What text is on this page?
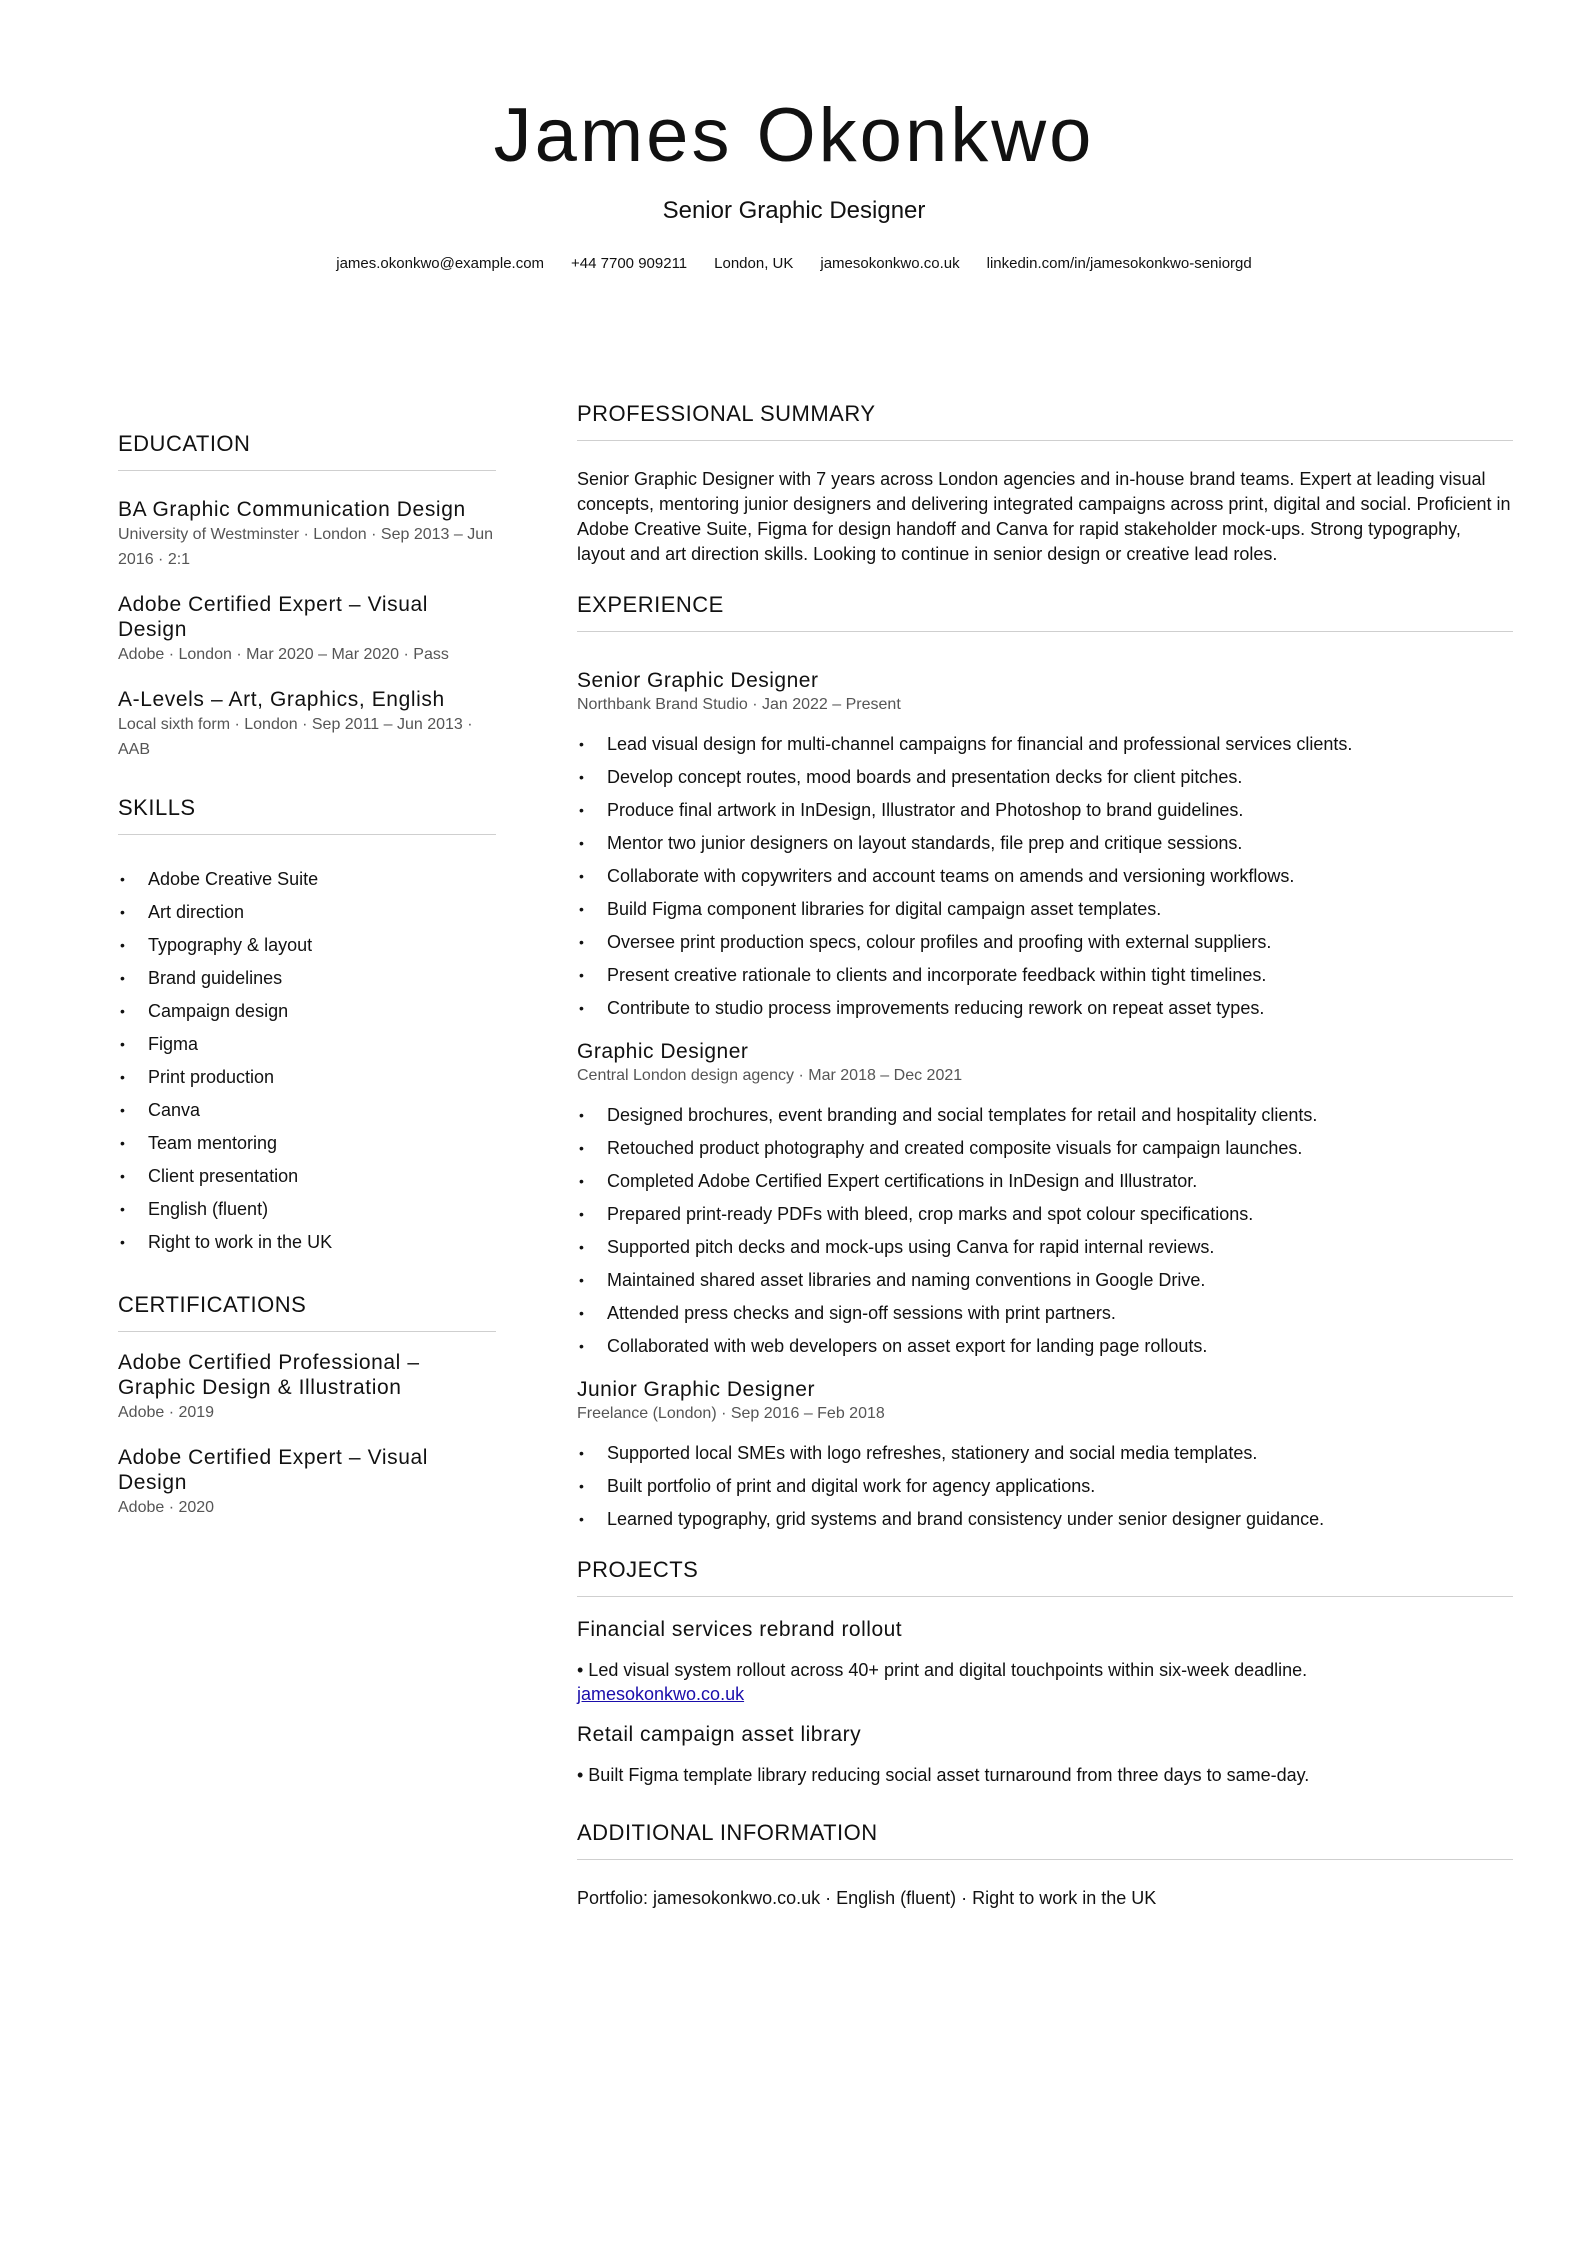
James Okonkwo
Senior Graphic Designer
james.okonkwo@example.com +44 7700 909211 London, UK jamesokonkwo.co.uk linkedin.com/in/jamesokonkwo-seniorgd
EDUCATION
BA Graphic Communication Design
University of Westminster · London · Sep 2013 – Jun 2016 · 2:1
Adobe Certified Expert – Visual Design
Adobe · London · Mar 2020 – Mar 2020 · Pass
A-Levels – Art, Graphics, English
Local sixth form · London · Sep 2011 – Jun 2013 · AAB
SKILLS
• Adobe Creative Suite
• Art direction
• Typography & layout
• Brand guidelines
• Campaign design
• Figma
• Print production
• Canva
• Team mentoring
• Client presentation
• English (fluent)
• Right to work in the UK
CERTIFICATIONS
Adobe Certified Professional – Graphic Design & Illustration
Adobe · 2019
Adobe Certified Expert – Visual Design
Adobe · 2020
PROFESSIONAL SUMMARY

Senior Graphic Designer with 7 years across London agencies and in-house brand teams. Expert at leading visual concepts, mentoring junior designers and delivering integrated campaigns across print, digital and social. Proficient in Adobe Creative Suite, Figma for design handoff and Canva for rapid stakeholder mock-ups. Strong typography, layout and art direction skills. Looking to continue in senior design or creative lead roles.

EXPERIENCE
Senior Graphic Designer
Northbank Brand Studio · Jan 2022 – Present
• Lead visual design for multi-channel campaigns for financial and professional services clients.
• Develop concept routes, mood boards and presentation decks for client pitches.
• Produce final artwork in InDesign, Illustrator and Photoshop to brand guidelines.
• Mentor two junior designers on layout standards, file prep and critique sessions.
• Collaborate with copywriters and account teams on amends and versioning workflows.
• Build Figma component libraries for digital campaign asset templates.
• Oversee print production specs, colour profiles and proofing with external suppliers.
• Present creative rationale to clients and incorporate feedback within tight timelines.
• Contribute to studio process improvements reducing rework on repeat asset types.
Graphic Designer
Central London design agency · Mar 2018 – Dec 2021
• Designed brochures, event branding and social templates for retail and hospitality clients.
• Retouched product photography and created composite visuals for campaign launches.
• Completed Adobe Certified Expert certifications in InDesign and Illustrator.
• Prepared print-ready PDFs with bleed, crop marks and spot colour specifications.
• Supported pitch decks and mock-ups using Canva for rapid internal reviews.
• Maintained shared asset libraries and naming conventions in Google Drive.
• Attended press checks and sign-off sessions with print partners.
• Collaborated with web developers on asset export for landing page rollouts.
Junior Graphic Designer
Freelance (London) · Sep 2016 – Feb 2018
• Supported local SMEs with logo refreshes, stationery and social media templates.
• Built portfolio of print and digital work for agency applications.
• Learned typography, grid systems and brand consistency under senior designer guidance.
PROJECTS
Financial services rebrand rollout
• Led visual system rollout across 40+ print and digital touchpoints within six-week deadline.
jamesokonkwo.co.uk
Retail campaign asset library
• Built Figma template library reducing social asset turnaround from three days to same-day.
ADDITIONAL INFORMATION

Portfolio: jamesokonkwo.co.uk · English (fluent) · Right to work in the UK
